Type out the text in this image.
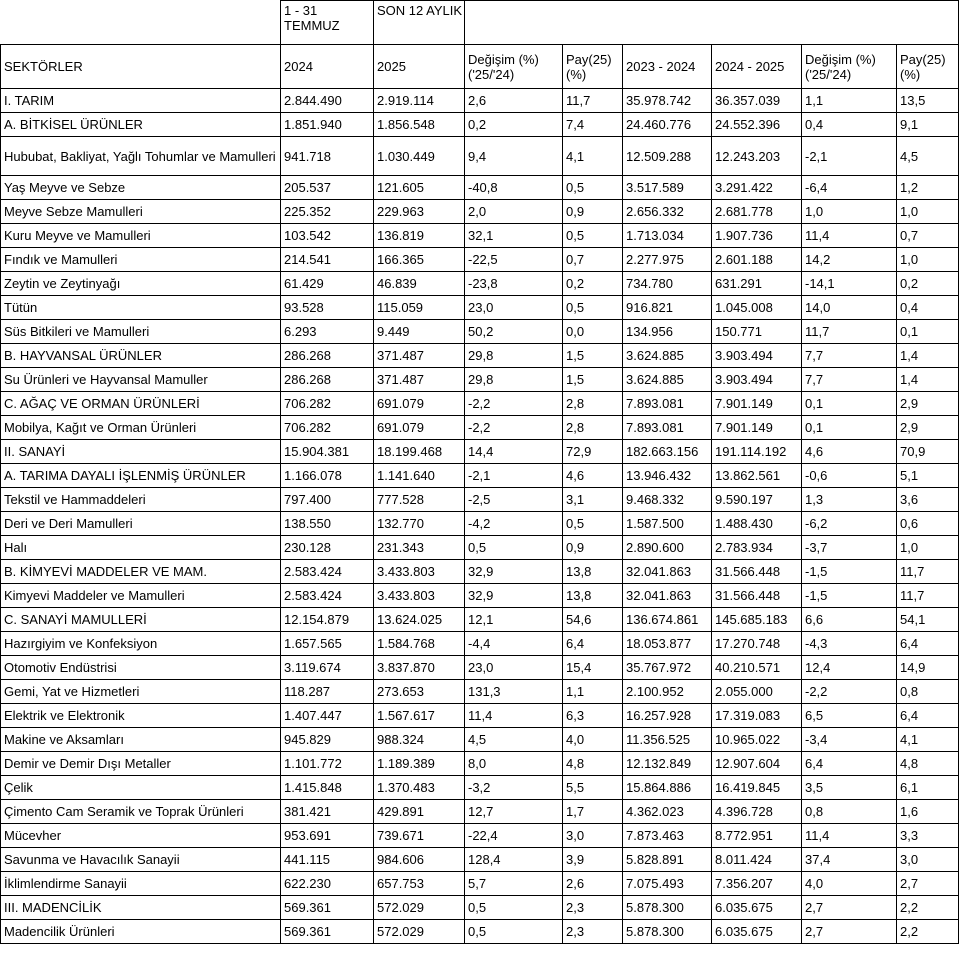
	1 - 31 TEMMUZ	SON 12 AYLIK						
SEKTÖRLER	2024	2025	Değişim (%) ('25/'24)	Pay(25) (%)	2023 - 2024	2024 - 2025	Değişim (%) ('25/'24)	Pay(25) (%)
I. TARIM	2.844.490	2.919.114	2,6	11,7	35.978.742	36.357.039	1,1	13,5
A. BİTKİSEL ÜRÜNLER	1.851.940	1.856.548	0,2	7,4	24.460.776	24.552.396	0,4	9,1
Hububat, Bakliyat, Yağlı Tohumlar ve Mamulleri	941.718	1.030.449	9,4	4,1	12.509.288	12.243.203	-2,1	4,5
Yaş Meyve ve Sebze	205.537	121.605	-40,8	0,5	3.517.589	3.291.422	-6,4	1,2
Meyve Sebze Mamulleri	225.352	229.963	2,0	0,9	2.656.332	2.681.778	1,0	1,0
Kuru Meyve ve Mamulleri	103.542	136.819	32,1	0,5	1.713.034	1.907.736	11,4	0,7
Fındık ve Mamulleri	214.541	166.365	-22,5	0,7	2.277.975	2.601.188	14,2	1,0
Zeytin ve Zeytinyağı	61.429	46.839	-23,8	0,2	734.780	631.291	-14,1	0,2
Tütün	93.528	115.059	23,0	0,5	916.821	1.045.008	14,0	0,4
Süs Bitkileri ve Mamulleri	6.293	9.449	50,2	0,0	134.956	150.771	11,7	0,1
B. HAYVANSAL ÜRÜNLER	286.268	371.487	29,8	1,5	3.624.885	3.903.494	7,7	1,4
Su Ürünleri ve Hayvansal Mamuller	286.268	371.487	29,8	1,5	3.624.885	3.903.494	7,7	1,4
C. AĞAÇ VE ORMAN ÜRÜNLERİ	706.282	691.079	-2,2	2,8	7.893.081	7.901.149	0,1	2,9
Mobilya, Kağıt ve Orman Ürünleri	706.282	691.079	-2,2	2,8	7.893.081	7.901.149	0,1	2,9
II. SANAYİ	15.904.381	18.199.468	14,4	72,9	182.663.156	191.114.192	4,6	70,9
A. TARIMA DAYALI İŞLENMİŞ ÜRÜNLER	1.166.078	1.141.640	-2,1	4,6	13.946.432	13.862.561	-0,6	5,1
Tekstil ve Hammaddeleri	797.400	777.528	-2,5	3,1	9.468.332	9.590.197	1,3	3,6
Deri ve Deri Mamulleri	138.550	132.770	-4,2	0,5	1.587.500	1.488.430	-6,2	0,6
Halı	230.128	231.343	0,5	0,9	2.890.600	2.783.934	-3,7	1,0
B. KİMYEVİ MADDELER VE MAM.	2.583.424	3.433.803	32,9	13,8	32.041.863	31.566.448	-1,5	11,7
Kimyevi Maddeler ve Mamulleri	2.583.424	3.433.803	32,9	13,8	32.041.863	31.566.448	-1,5	11,7
C. SANAYİ MAMULLERİ	12.154.879	13.624.025	12,1	54,6	136.674.861	145.685.183	6,6	54,1
Hazırgiyim ve Konfeksiyon	1.657.565	1.584.768	-4,4	6,4	18.053.877	17.270.748	-4,3	6,4
Otomotiv Endüstrisi	3.119.674	3.837.870	23,0	15,4	35.767.972	40.210.571	12,4	14,9
Gemi, Yat ve Hizmetleri	118.287	273.653	131,3	1,1	2.100.952	2.055.000	-2,2	0,8
Elektrik ve Elektronik	1.407.447	1.567.617	11,4	6,3	16.257.928	17.319.083	6,5	6,4
Makine ve Aksamları	945.829	988.324	4,5	4,0	11.356.525	10.965.022	-3,4	4,1
Demir ve Demir Dışı Metaller	1.101.772	1.189.389	8,0	4,8	12.132.849	12.907.604	6,4	4,8
Çelik	1.415.848	1.370.483	-3,2	5,5	15.864.886	16.419.845	3,5	6,1
Çimento Cam Seramik ve Toprak Ürünleri	381.421	429.891	12,7	1,7	4.362.023	4.396.728	0,8	1,6
Mücevher	953.691	739.671	-22,4	3,0	7.873.463	8.772.951	11,4	3,3
Savunma ve Havacılık Sanayii	441.115	984.606	128,4	3,9	5.828.891	8.011.424	37,4	3,0
İklimlendirme Sanayii	622.230	657.753	5,7	2,6	7.075.493	7.356.207	4,0	2,7
III. MADENCİLİK	569.361	572.029	0,5	2,3	5.878.300	6.035.675	2,7	2,2
Madencilik Ürünleri	569.361	572.029	0,5	2,3	5.878.300	6.035.675	2,7	2,2
